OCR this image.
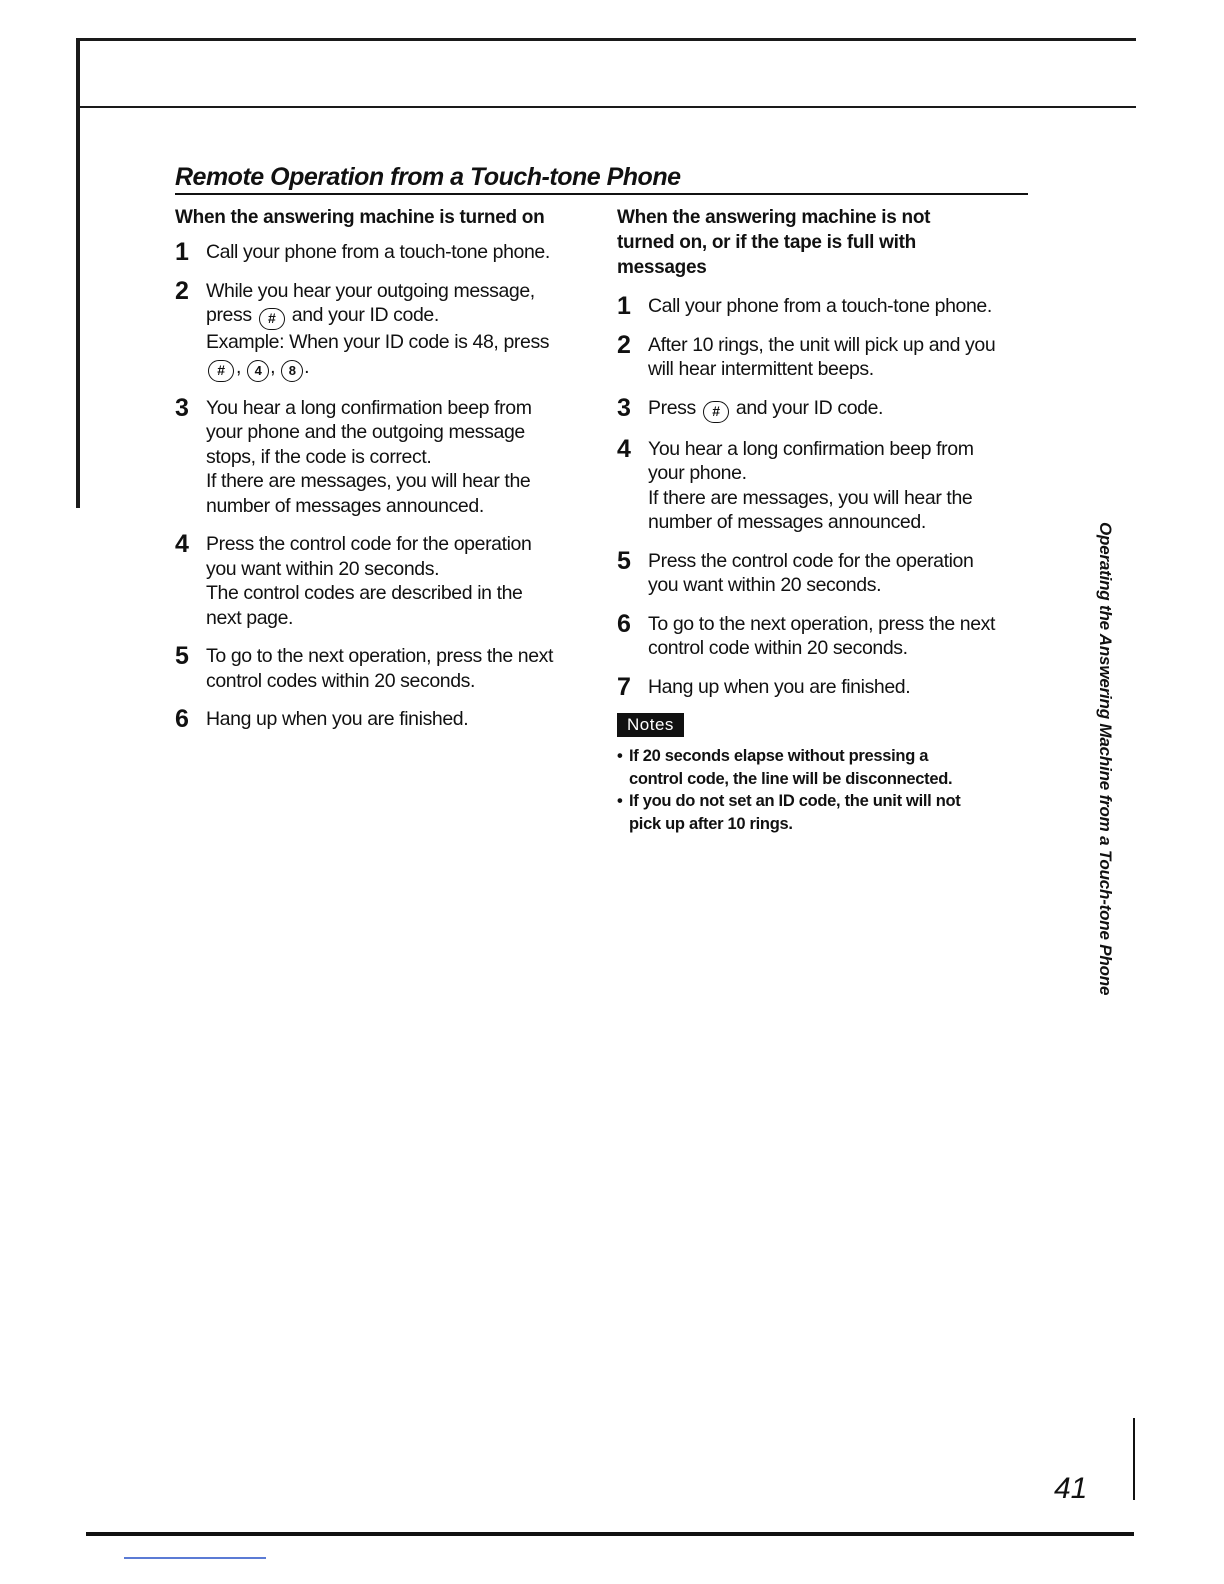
Remote Operation from a Touch-tone Phone
When the answering machine is turned on
1 Call your phone from a touch-tone phone.
2 While you hear your outgoing message,
press # and your ID code.
Example: When your ID code is 48, press
# , 4 , 8 .
3 You hear a long confirmation beep from
your phone and the outgoing message
stops, if the code is correct.
If there are messages, you will hear the
number of messages announced.
4 Press the control code for the operation
you want within 20 seconds.
The control codes are described in the
next page.
5 To go to the next operation, press the next
control codes within 20 seconds.
6 Hang up when you are finished.
When the answering machine is not
turned on, or if the tape is full with
messages
1 Call your phone from a touch-tone phone.
2 After 10 rings, the unit will pick up and you
will hear intermittent beeps.
3 Press # and your ID code.
4 You hear a long confirmation beep from
your phone.
If there are messages, you will hear the
number of messages announced.
5 Press the control code for the operation
you want within 20 seconds.
6 To go to the next operation, press the next
control code within 20 seconds.
7 Hang up when you are finished.
Notes
• If 20 seconds elapse without pressing a
control code, the line will be disconnected.
• If you do not set an ID code, the unit will not
pick up after 10 rings.	Operating the Answering Machine from a Touch-tone Phone
41
